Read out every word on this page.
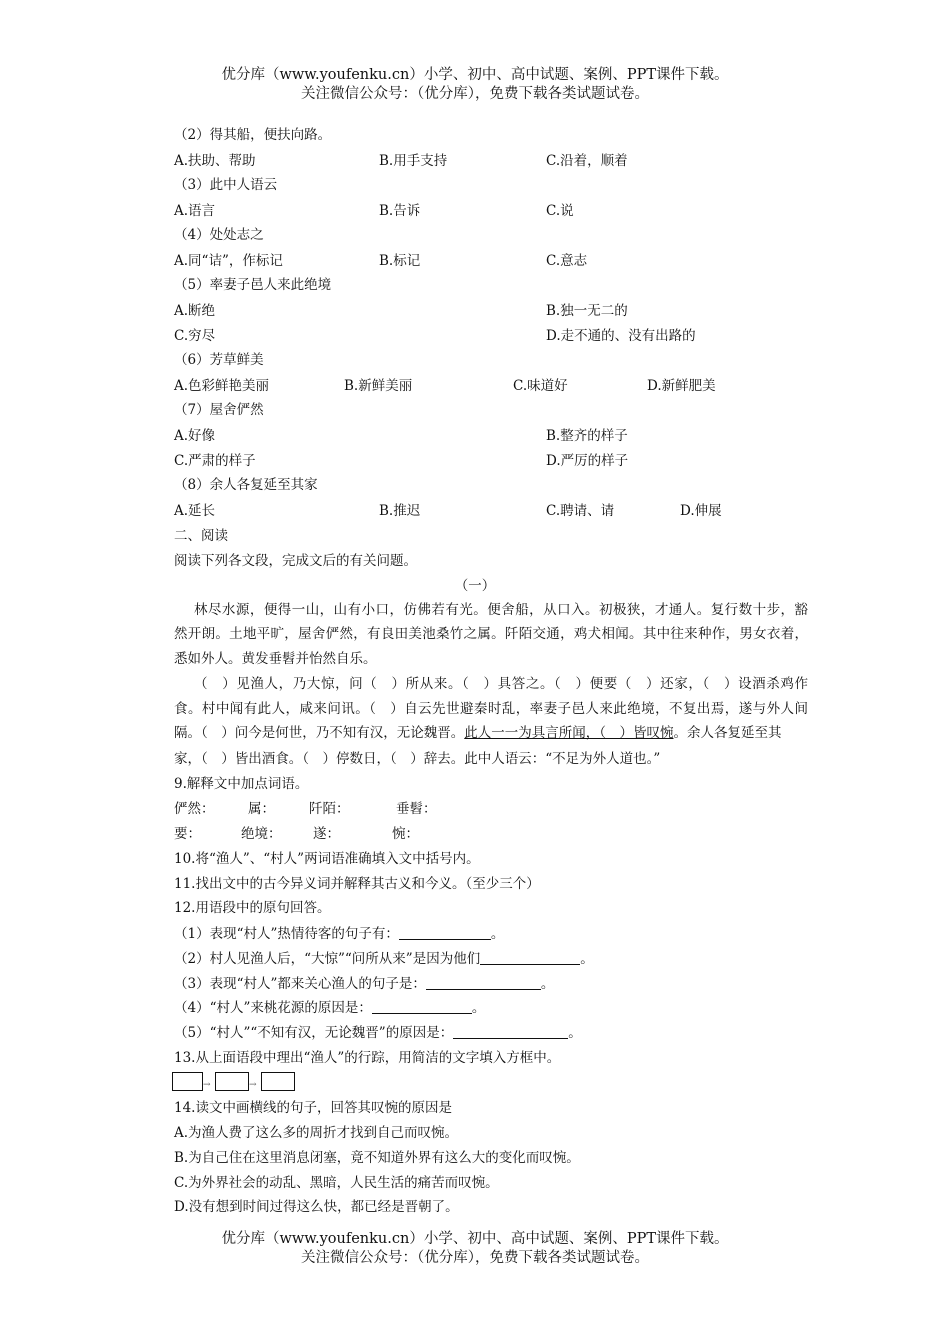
优分库（www.youfenku.cn）小学、初中、高中试题、案例、PPT课件下载。
关注微信公众号：（优分库），免费下载各类试题试卷。
（2）得其船，便扶向路。
A.扶助、帮助	B.用手支持	C.沿着，顺着
（3）此中人语云
A.语言	B.告诉	C.说
（4）处处志之
A.同“诘”，作标记	B.标记	C.意志
（5）率妻子邑人来此绝境
A.断绝	B.独一无二的
C.穷尽	D.走不通的、没有出路的
（6）芳草鲜美
A.色彩鲜艳美丽	B.新鲜美丽	C.味道好	D.新鲜肥美
（7）屋舍俨然
A.好像	B.整齐的样子
C.严肃的样子	D.严厉的样子
（8）余人各复延至其家
A.延长	B.推迟	C.聘请、请	D.伸展
二、阅读
阅读下列各文段，完成文后的有关问题。
（一）
林尽水源，便得一山，山有小口，仿佛若有光。便舍船，从口入。初极狭，才通人。复行数十步，豁
然开朗。土地平旷，屋舍俨然，有良田美池桑竹之属。阡陌交通，鸡犬相闻。其中往来种作，男女衣着，
悉如外人。黄发垂髫并怡然自乐。
（　）见渔人，乃大惊，问（　）所从来。（　）具答之。（　）便要（　）还家，（　）设酒杀鸡作
食。村中闻有此人，咸来问讯。（　）自云先世避秦时乱，率妻子邑人来此绝境，不复出焉，遂与外人间
隔。（　）问今是何世，乃不知有汉，无论魏晋。此人一一为具言所闻，（　）皆叹惋。余人各复延至其
家，（　）皆出酒食。（　）停数日，（　）辞去。此中人语云：“不足为外人道也。”
9.解释文中加点词语。
俨然： 属：	阡陌：	垂髫：
要：	绝境： 遂：	惋：
10.将“渔人”、“村人”两词语准确填入文中括号内。
11.找出文中的古今异义词并解释其古义和今义。（至少三个）
12.用语段中的原句回答。
（1）表现“村人”热情待客的句子有：	。
（2）村人见渔人后，“大惊”“问所从来”是因为他们	。
（3）表现“村人”都来关心渔人的句子是：	。
（4）“村人”来桃花源的原因是：	。
（5）“村人”“不知有汉，无论魏晋”的原因是：	。
13.从上面语段中理出“渔人”的行踪，用简洁的文字填入方框中。
→	→
14.读文中画横线的句子，回答其叹惋的原因是
A.为渔人费了这么多的周折才找到自己而叹惋。
B.为自己住在这里消息闭塞，竟不知道外界有这么大的变化而叹惋。
C.为外界社会的动乱、黑暗，人民生活的痛苦而叹惋。
D.没有想到时间过得这么快，都已经是晋朝了。
优分库（www.youfenku.cn）小学、初中、高中试题、案例、PPT课件下载。
关注微信公众号：（优分库），免费下载各类试题试卷。
